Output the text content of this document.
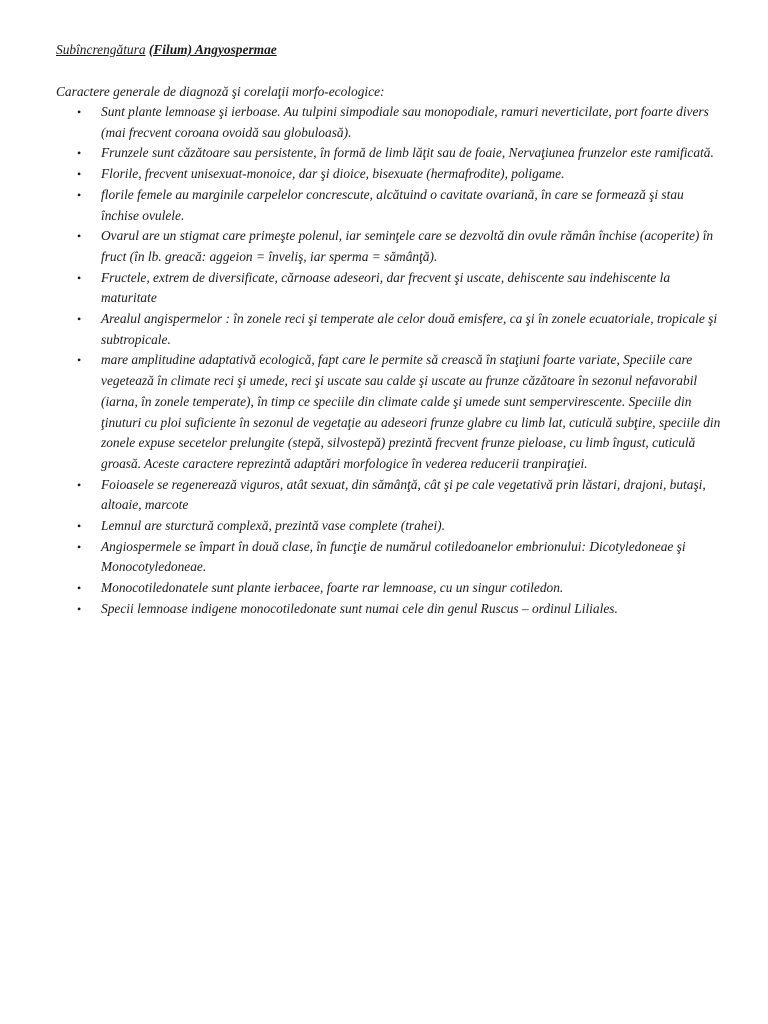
Subîncrengătura (Filum) Angyospermae
Caractere generale de diagnoză şi corelaţii morfo-ecologice:
• Sunt plante lemnoase şi ierboase. Au tulpini simpodiale sau monopodiale, ramuri neverticilate, port foarte divers (mai frecvent coroana ovoidă sau globuloasă).
• Frunzele sunt căzătoare sau persistente, în formă de limb lăţit sau de foaie, Nervaţiunea frunzelor este ramificată.
• Florile, frecvent unisexuat-monoice, dar şi dioice, bisexuate (hermafrodite), poligame.
• florile femele au marginile carpelelor concrescute, alcătuind o cavitate ovariană, în care se formează şi stau închise ovulele.
• Ovarul are un stigmat care primeşte polenul, iar seminţele care se dezvoltă din ovule rămân închise (acoperite) în fruct (în lb. greacă: aggeion = înveliş, iar sperma = sămânţă).
• Fructele, extrem de diversificate, cărnoase adeseori, dar frecvent şi uscate, dehiscente sau indehiscente la maturitate
• Arealul angispermelor : în zonele reci şi temperate ale celor două emisfere, ca şi în zonele ecuatoriale, tropicale şi subtropicale.
• mare amplitudine adaptativă ecologică, fapt care le permite să crească în staţiuni foarte variate, Speciile care vegetează în climate reci şi umede, reci şi uscate sau calde şi uscate au frunze căzătoare în sezonul nefavorabil (iarna, în zonele temperate), în timp ce speciile din climate calde şi umede sunt sempervirescente. Speciile din ţinuturi cu ploi suficiente în sezonul de vegetaţie au adeseori frunze glabre cu limb lat, cuticulă subţire, speciile din zonele expuse secetelor prelungite (stepă, silvostepă) prezintă frecvent frunze pieloase, cu limb îngust, cuticulă groasă. Aceste caractere reprezintă adaptări morfologice în vederea reducerii tranpiraţiei.
• Foioasele se regenerează viguros, atât sexuat, din sămânţă, cât şi pe cale vegetativă prin lăstari, drajoni, butaşi, altoaie, marcote
• Lemnul are sturctură complexă, prezintă vase complete (trahei).
• Angiospermele se împart în două clase, în funcţie de numărul cotiledoanelor embrionului: Dicotyledoneae şi Monocotyledoneae.
• Monocotiledonatele sunt plante ierbacee, foarte rar lemnoase, cu un singur cotiledon.
• Specii lemnoase indigene monocotiledonate sunt numai cele din genul Ruscus – ordinul Liliales.
